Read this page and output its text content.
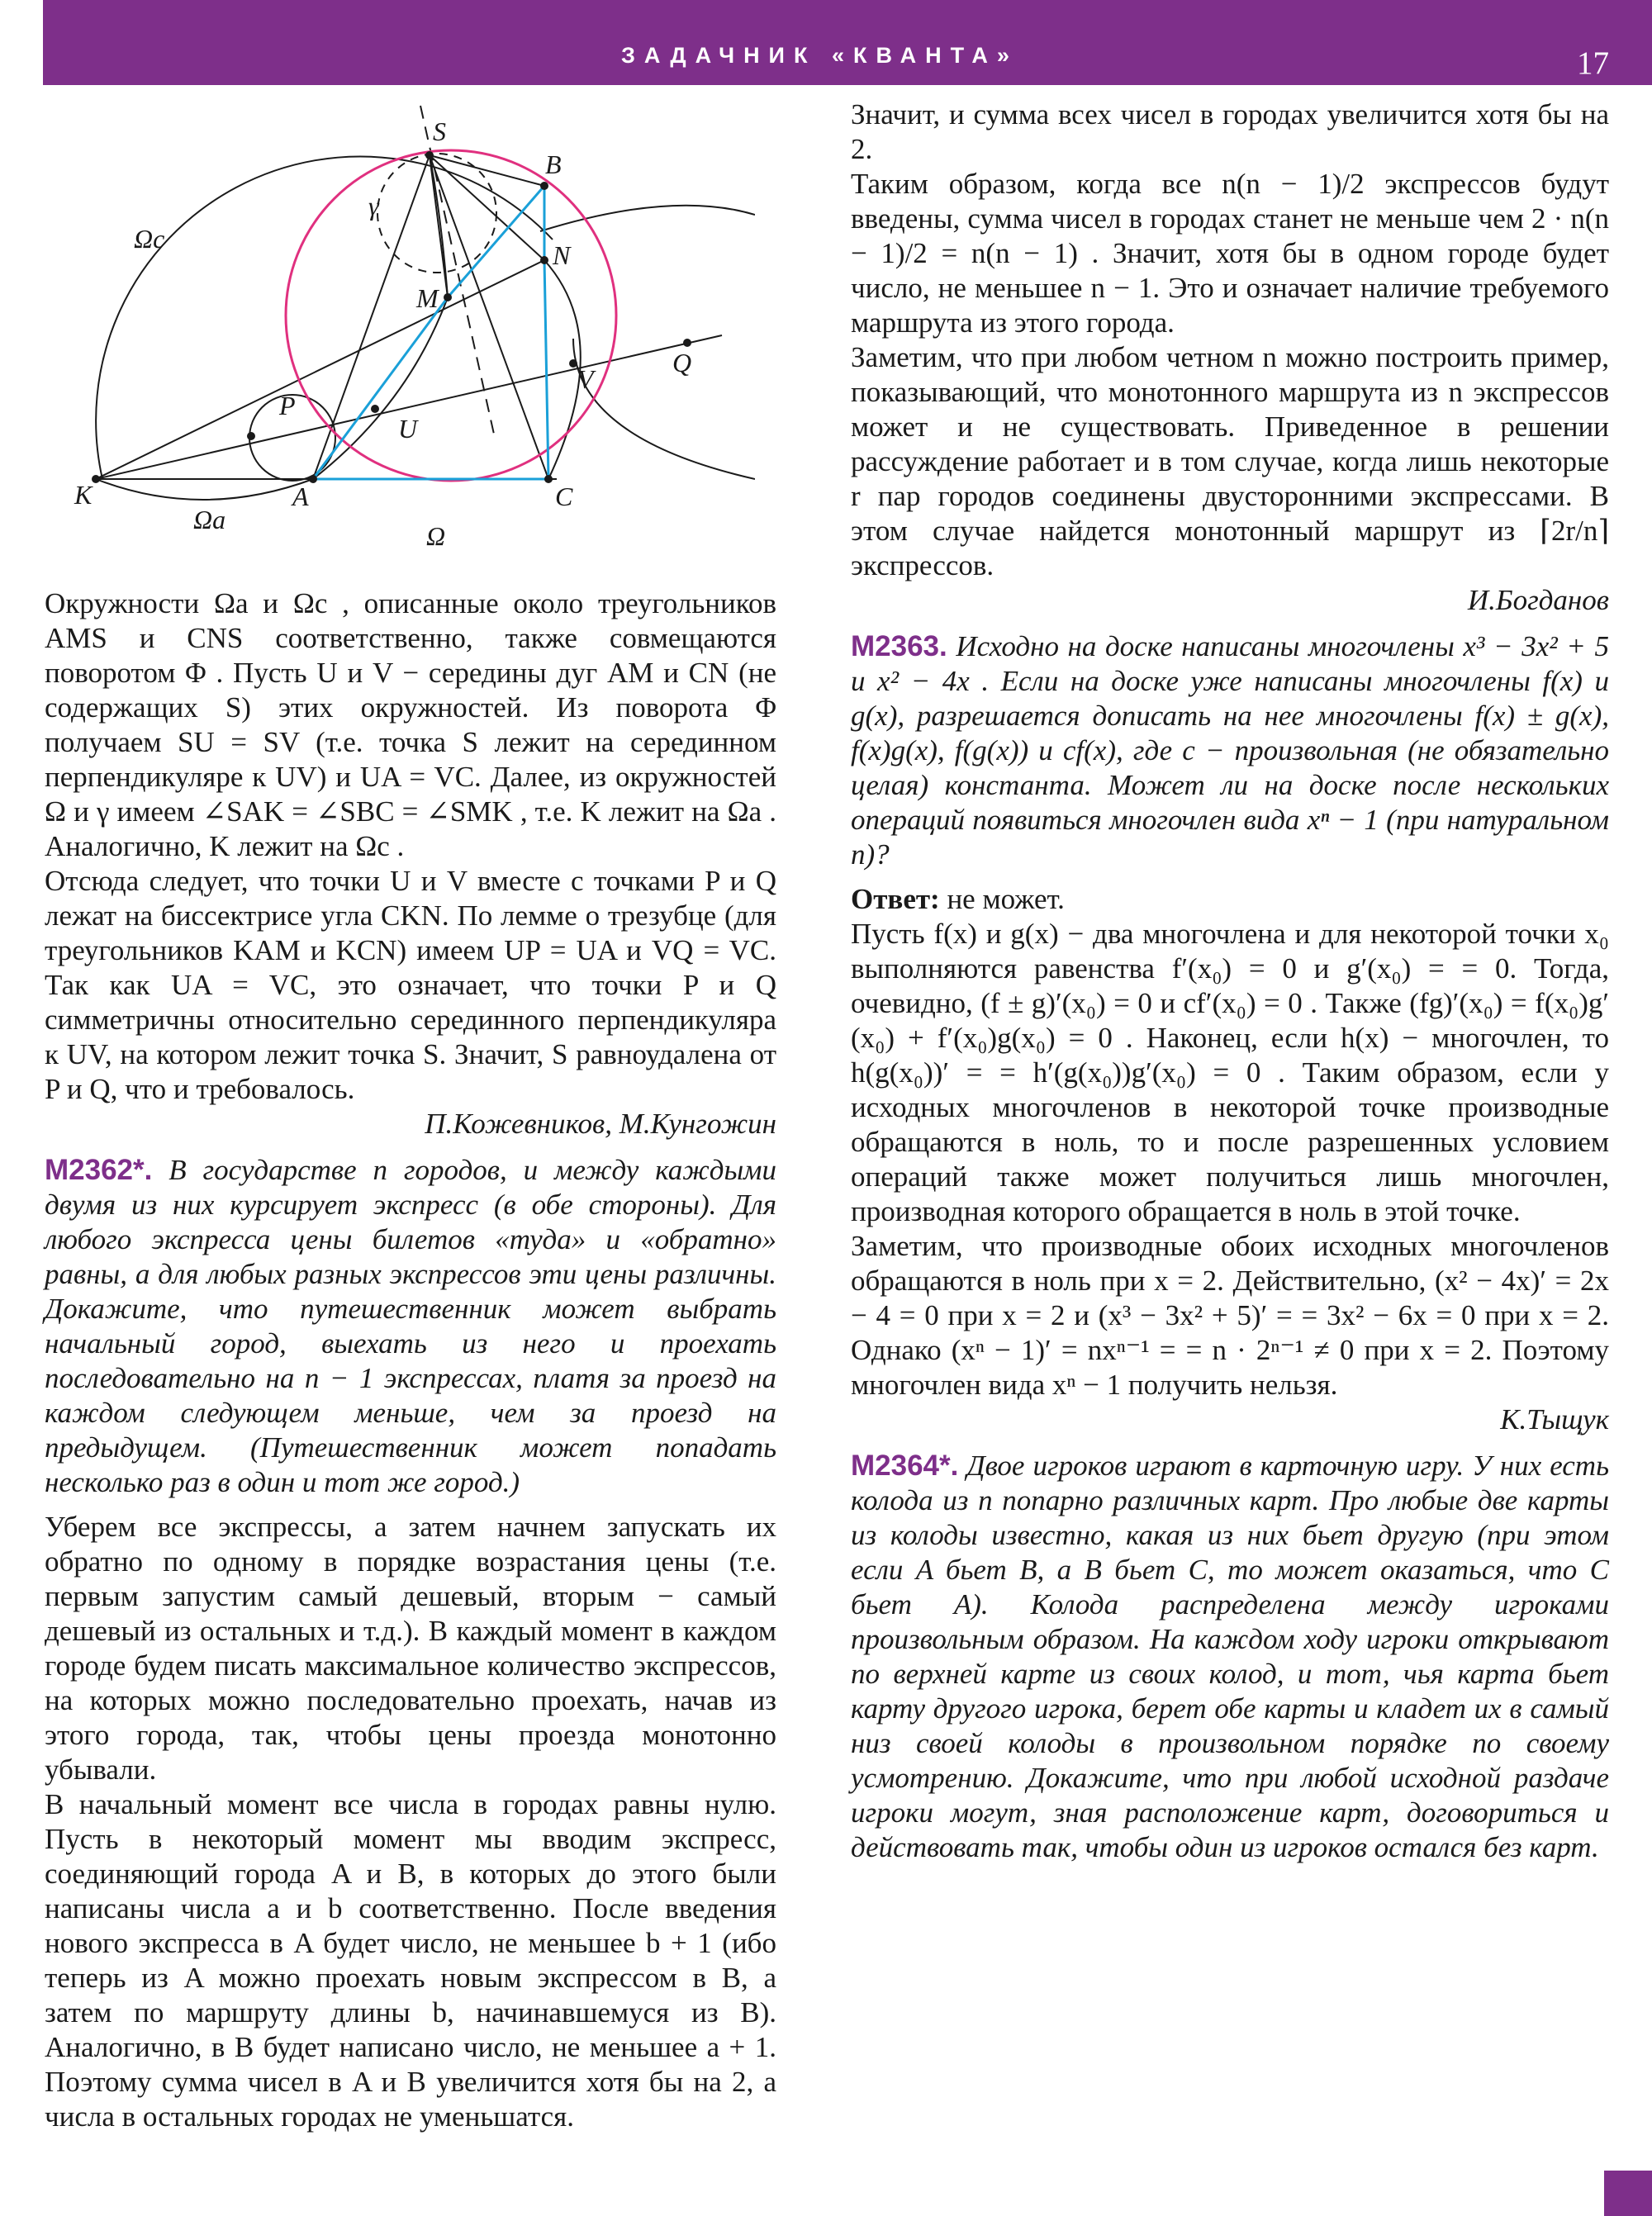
ЗАДАЧНИК «КВАНТА»	17
S
B
N
M
Q
V
U
P
K	A	C
γ
Ωc
Ωa
Ω

Окружности Ωa и Ωc , описанные около треугольников AMS и CNS соответственно, также совмещаются поворотом Φ . Пусть U и V − середины дуг AM и CN (не содержащих S) этих окружностей. Из поворота Φ получаем SU = SV (т.е. точка S лежит на серединном перпендикуляре к UV) и UA = VC. Далее, из окружностей Ω и γ имеем ∠SAK = ∠SBC = ∠SMK , т.е. K лежит на Ωa . Аналогично, K лежит на Ωc .

Отсюда следует, что точки U и V вместе с точками P и Q лежат на биссектрисе угла CKN. По лемме о трезубце (для треугольников KAM и KCN) имеем UP = UA и VQ = VC. Так как UA = VC, это означает, что точки P и Q симметричны относительно серединного перпендикуляра к UV, на котором лежит точка S. Значит, S равноудалена от P и Q, что и требовалось.

П.Кожевников, М.Кунгожин

М2362*. В государстве n городов, и между каждыми двумя из них курсирует экспресс (в обе стороны). Для любого экспресса цены билетов «туда» и «обратно» равны, а для любых разных экспрессов эти цены различны. Докажите, что путешественник может выбрать начальный город, выехать из него и проехать последовательно на n − 1 экспрессах, платя за проезд на каждом следующем меньше, чем за проезд на предыдущем. (Путешественник может попадать несколько раз в один и тот же город.)

Уберем все экспрессы, а затем начнем запускать их обратно по одному в порядке возрастания цены (т.е. первым запустим самый дешевый, вторым − самый дешевый из остальных и т.д.). В каждый момент в каждом городе будем писать максимальное количество экспрессов, на которых можно последовательно проехать, начав из этого города, так, чтобы цены проезда монотонно убывали.

В начальный момент все числа в городах равны нулю. Пусть в некоторый момент мы вводим экспресс, соединяющий города A и B, в которых до этого были написаны числа a и b соответственно. После введения нового экспресса в A будет число, не меньшее b + 1 (ибо теперь из A можно проехать новым экспрессом в B, а затем по маршруту длины b, начинавшемуся из B). Аналогично, в B будет написано число, не меньшее a + 1. Поэтому сумма чисел в A и B увеличится хотя бы на 2, а числа в остальных городах не уменьшатся.

Значит, и сумма всех чисел в городах увеличится хотя бы на 2.

Таким образом, когда все n(n − 1)/2 экспрессов будут введены, сумма чисел в городах станет не меньше чем 2 · n(n − 1)/2 = n(n − 1) . Значит, хотя бы в одном городе будет число, не меньшее n − 1. Это и означает наличие требуемого маршрута из этого города.

Заметим, что при любом четном n можно построить пример, показывающий, что монотонного маршрута из n экспрессов может и не существовать. Приведенное в решении рассуждение работает и в том случае, когда лишь некоторые r пар городов соединены двусторонними экспрессами. В этом случае найдется монотонный маршрут из ⌈2r/n⌉ экспрессов.

И.Богданов

М2363. Исходно на доске написаны многочлены x³ − 3x² + 5 и x² − 4x . Если на доске уже написаны многочлены f(x) и g(x), разрешается дописать на нее многочлены f(x) ± g(x), f(x)g(x), f(g(x)) и cf(x), где c − произвольная (не обязательно целая) константа. Может ли на доске после нескольких операций появиться многочлен вида xⁿ − 1 (при натуральном n)?

Ответ: не может.

Пусть f(x) и g(x) − два многочлена и для некоторой точки x₀ выполняются равенства f′(x₀) = 0 и g′(x₀) = = 0. Тогда, очевидно, (f ± g)′(x₀) = 0 и cf′(x₀) = 0 . Также (fg)′(x₀) = f(x₀)g′(x₀) + f′(x₀)g(x₀) = 0 . Наконец, если h(x) − многочлен, то h(g(x₀))′ = = h′(g(x₀))g′(x₀) = 0 . Таким образом, если у исходных многочленов в некоторой точке производные обращаются в ноль, то и после разрешенных условием операций также может получиться лишь многочлен, производная которого обращается в ноль в этой точке.

Заметим, что производные обоих исходных многочленов обращаются в ноль при x = 2. Действительно, (x² − 4x)′ = 2x − 4 = 0 при x = 2 и (x³ − 3x² + 5)′ = = 3x² − 6x = 0 при x = 2. Однако (xⁿ − 1)′ = nxⁿ⁻¹ = = n · 2ⁿ⁻¹ ≠ 0 при x = 2. Поэтому многочлен вида xⁿ − 1 получить нельзя.

К.Тыщук

М2364*. Двое игроков играют в карточную игру. У них есть колода из n попарно различных карт. Про любые две карты из колоды известно, какая из них бьет другую (при этом если A бьет B, а B бьет C, то может оказаться, что C бьет A). Колода распределена между игроками произвольным образом. На каждом ходу игроки открывают по верхней карте из своих колод, и тот, чья карта бьет карту другого игрока, берет обе карты и кладет их в самый низ своей колоды в произвольном порядке по своему усмотрению. Докажите, что при любой исходной раздаче игроки могут, зная расположение карт, договориться и действовать так, чтобы один из игроков остался без карт.
